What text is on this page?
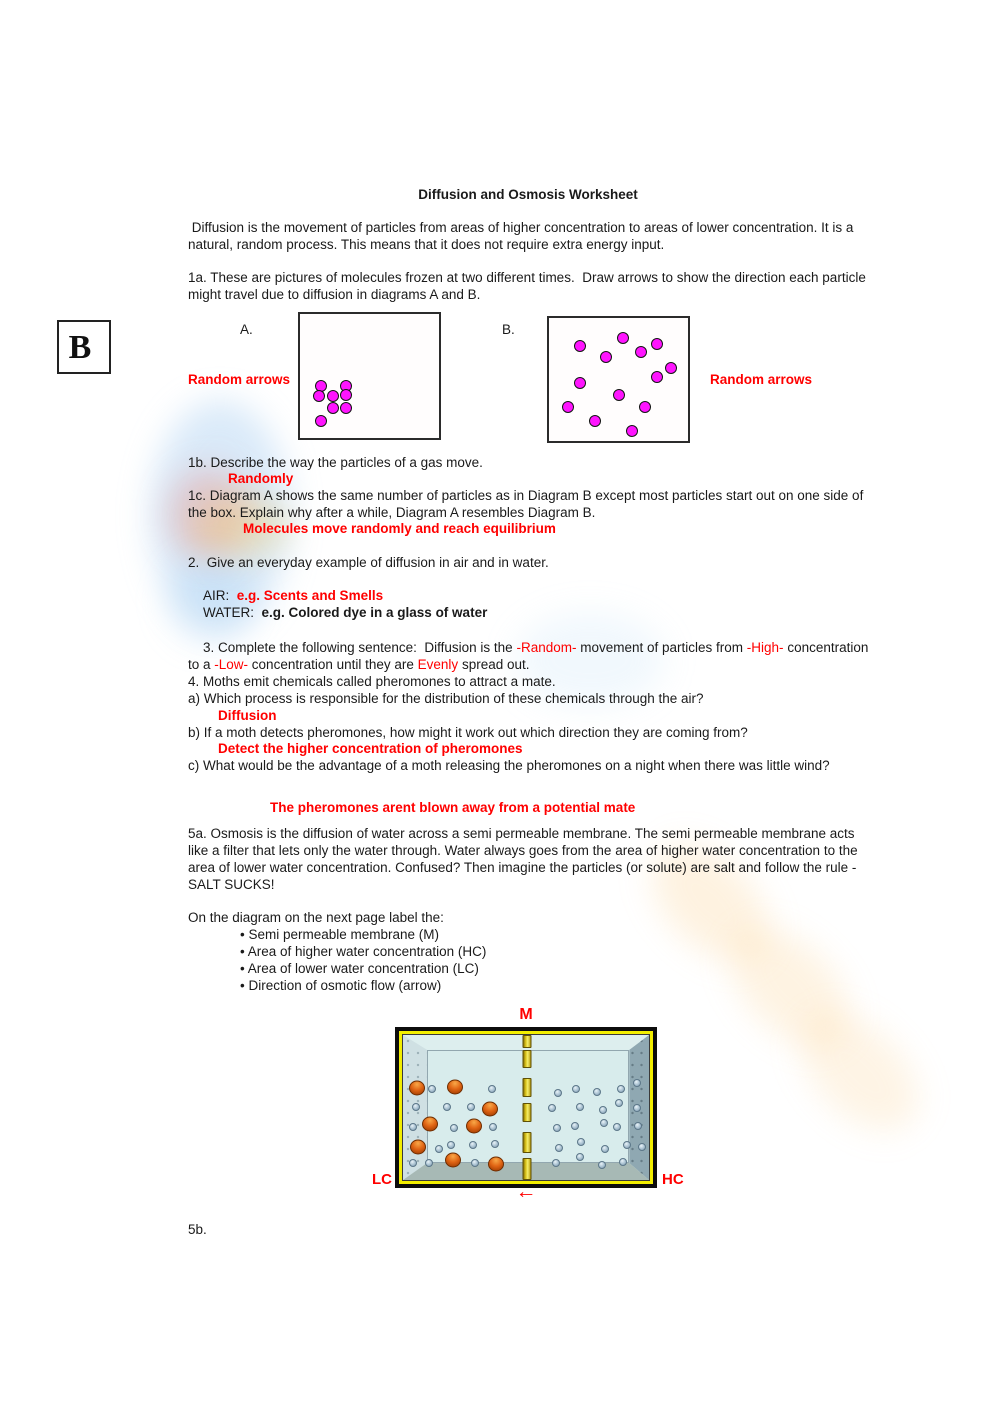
Diffusion and Osmosis Worksheet
Diffusion is the movement of particles from areas of higher concentration to areas of lower concentration. It is a natural, random process. This means that it does not require extra energy input.
B
1a. These are pictures of molecules frozen at two different times.  Draw arrows to show the direction each particle might travel due to diffusion in diagrams A and B.
A.	B.
Random arrows	Random arrows
1b. Describe the way the particles of a gas move.
Randomly
1c. Diagram A shows the same number of particles as in Diagram B except most particles start out on one side of the box. Explain why after a while, Diagram A resembles Diagram B.
Molecules move randomly and reach equilibrium
2.  Give an everyday example of diffusion in air and in water.

AIR:  e.g. Scents and Smells

WATER:  e.g. Colored dye in a glass of water

3. Complete the following sentence:  Diffusion is the -Random- movement of particles from -High- concentration to a -Low- concentration until they are Evenly spread out.

4. Moths emit chemicals called pheromones to attract a mate.
a) Which process is responsible for the distribution of these chemicals through the air?
Diffusion
b) If a moth detects pheromones, how might it work out which direction they are coming from?
Detect the higher concentration of pheromones
c) What would be the advantage of a moth releasing the pheromones on a night when there was little wind?
The pheromones arent blown away from a potential mate
5a. Osmosis is the diffusion of water across a semi permeable membrane. The semi permeable membrane acts like a filter that lets only the water through. Water always goes from the area of higher water concentration to the area of lower water concentration. Confused? Then imagine the particles (or solute) are salt and follow the rule - SALT SUCKS!
On the diagram on the next page label the:
• Semi permeable membrane (M)
• Area of higher water concentration (HC)
• Area of lower water concentration (LC)
• Direction of osmotic flow (arrow)
M
LC	HC
←
5b.
